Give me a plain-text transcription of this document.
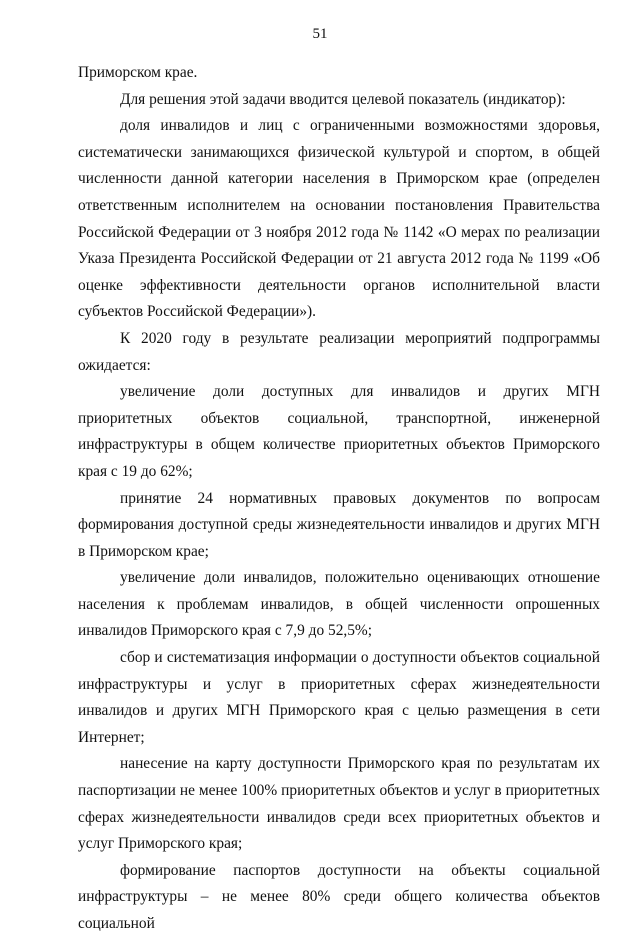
51

Приморском крае.

Для решения этой задачи вводится целевой показатель (индикатор):

доля инвалидов и лиц с ограниченными возможностями здоровья, систематически занимающихся физической культурой и спортом, в общей численности данной категории населения в Приморском крае (определен ответственным исполнителем на основании постановления Правительства Российской Федерации от 3 ноября 2012 года № 1142 «О мерах по реализации Указа Президента Российской Федерации от 21 августа 2012 года № 1199 «Об оценке эффективности деятельности органов исполнительной власти субъектов Российской Федерации»).

К 2020 году в результате реализации мероприятий подпрограммы ожидается:

увеличение доли доступных для инвалидов и других МГН приоритетных объектов социальной, транспортной, инженерной инфраструктуры в общем количестве приоритетных объектов Приморского края с 19 до 62%;

принятие 24 нормативных правовых документов по вопросам формирования доступной среды жизнедеятельности инвалидов и других МГН в Приморском крае;

увеличение доли инвалидов, положительно оценивающих отношение населения к проблемам инвалидов, в общей численности опрошенных инвалидов Приморского края с 7,9 до 52,5%;

сбор и систематизация информации о доступности объектов социальной инфраструктуры и услуг в приоритетных сферах жизнедеятельности инвалидов и других МГН Приморского края с целью размещения в сети Интернет;

нанесение на карту доступности Приморского края по результатам их паспортизации не менее 100% приоритетных объектов и услуг в приоритетных сферах жизнедеятельности инвалидов среди всех приоритетных объектов и услуг Приморского края;

формирование паспортов доступности на объекты социальной инфраструктуры – не менее 80% среди общего количества объектов социальной
